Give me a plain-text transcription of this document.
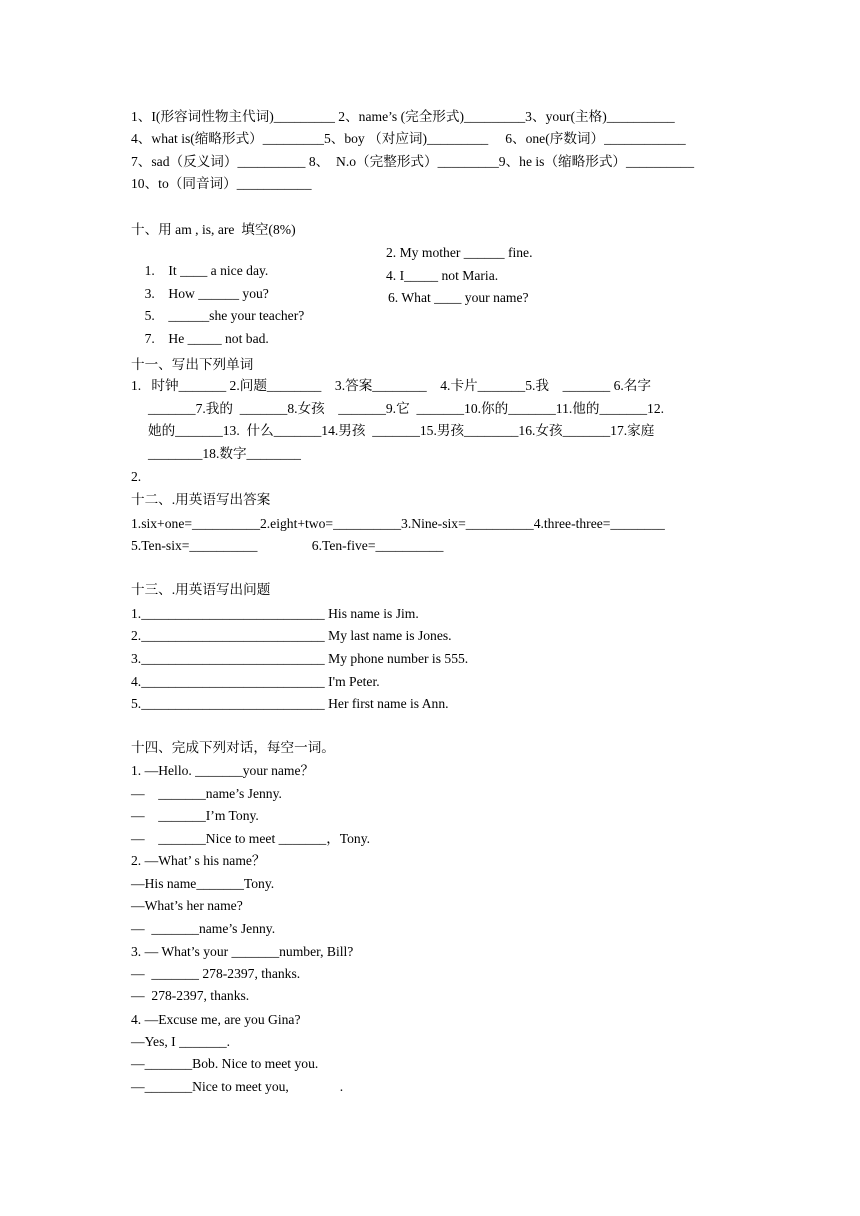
1、I(形容词性物主代词)_________ 2、name’s (完全形式)_________3、your(主格)__________
4、what is(缩略形式）_________5、boy （对应词)_________     6、one(序数词）____________
7、sad（反义词）__________ 8、  N.o（完整形式）_________9、he is（缩略形式）__________
10、to（同音词）___________
十、用 am , is, are  填空(8%)

1.    It ____ a nice day.

2. My mother ______ fine.

3.    How ______ you?

4. I_____ not Maria.

5.    ______she your teacher?

6. What ____ your name?

7.    He _____ not bad.

十一、写出下列单词
1.   时钟_______ 2.问题________    3.答案________    4.卡片_______5.我    _______ 6.名字
_______7.我的  _______8.女孩    _______9.它  _______10.你的_______11.他的_______12.
她的_______13.  什么_______14.男孩  _______15.男孩________16.女孩_______17.家庭
________18.数字________
2.
十二、.用英语写出答案
1.six+one=__________2.eight+two=__________3.Nine-six=__________4.three-three=________
5.Ten-six=__________                6.Ten-five=__________
十三、.用英语写出问题
1.___________________________ His name is Jim.
2.___________________________ My last name is Jones.
3.___________________________ My phone number is 555.
4.___________________________ I'm Peter.
5.___________________________ Her first name is Ann.
十四、完成下列对话，每空一词。
1. —Hello. _______your name？
—    _______name’s Jenny.
—    _______I’m Tony.
—    _______Nice to meet _______，Tony.
2. —What’ s his name？
—His name_______Tony.
—What’s her name?
—  _______name’s Jenny.
3. — What’s your _______number, Bill?
—  _______ 278-2397, thanks.
—  278-2397, thanks.
4. —Excuse me, are you Gina?
—Yes, I _______.
—_______Bob. Nice to meet you.
—_______Nice to meet you,               .
